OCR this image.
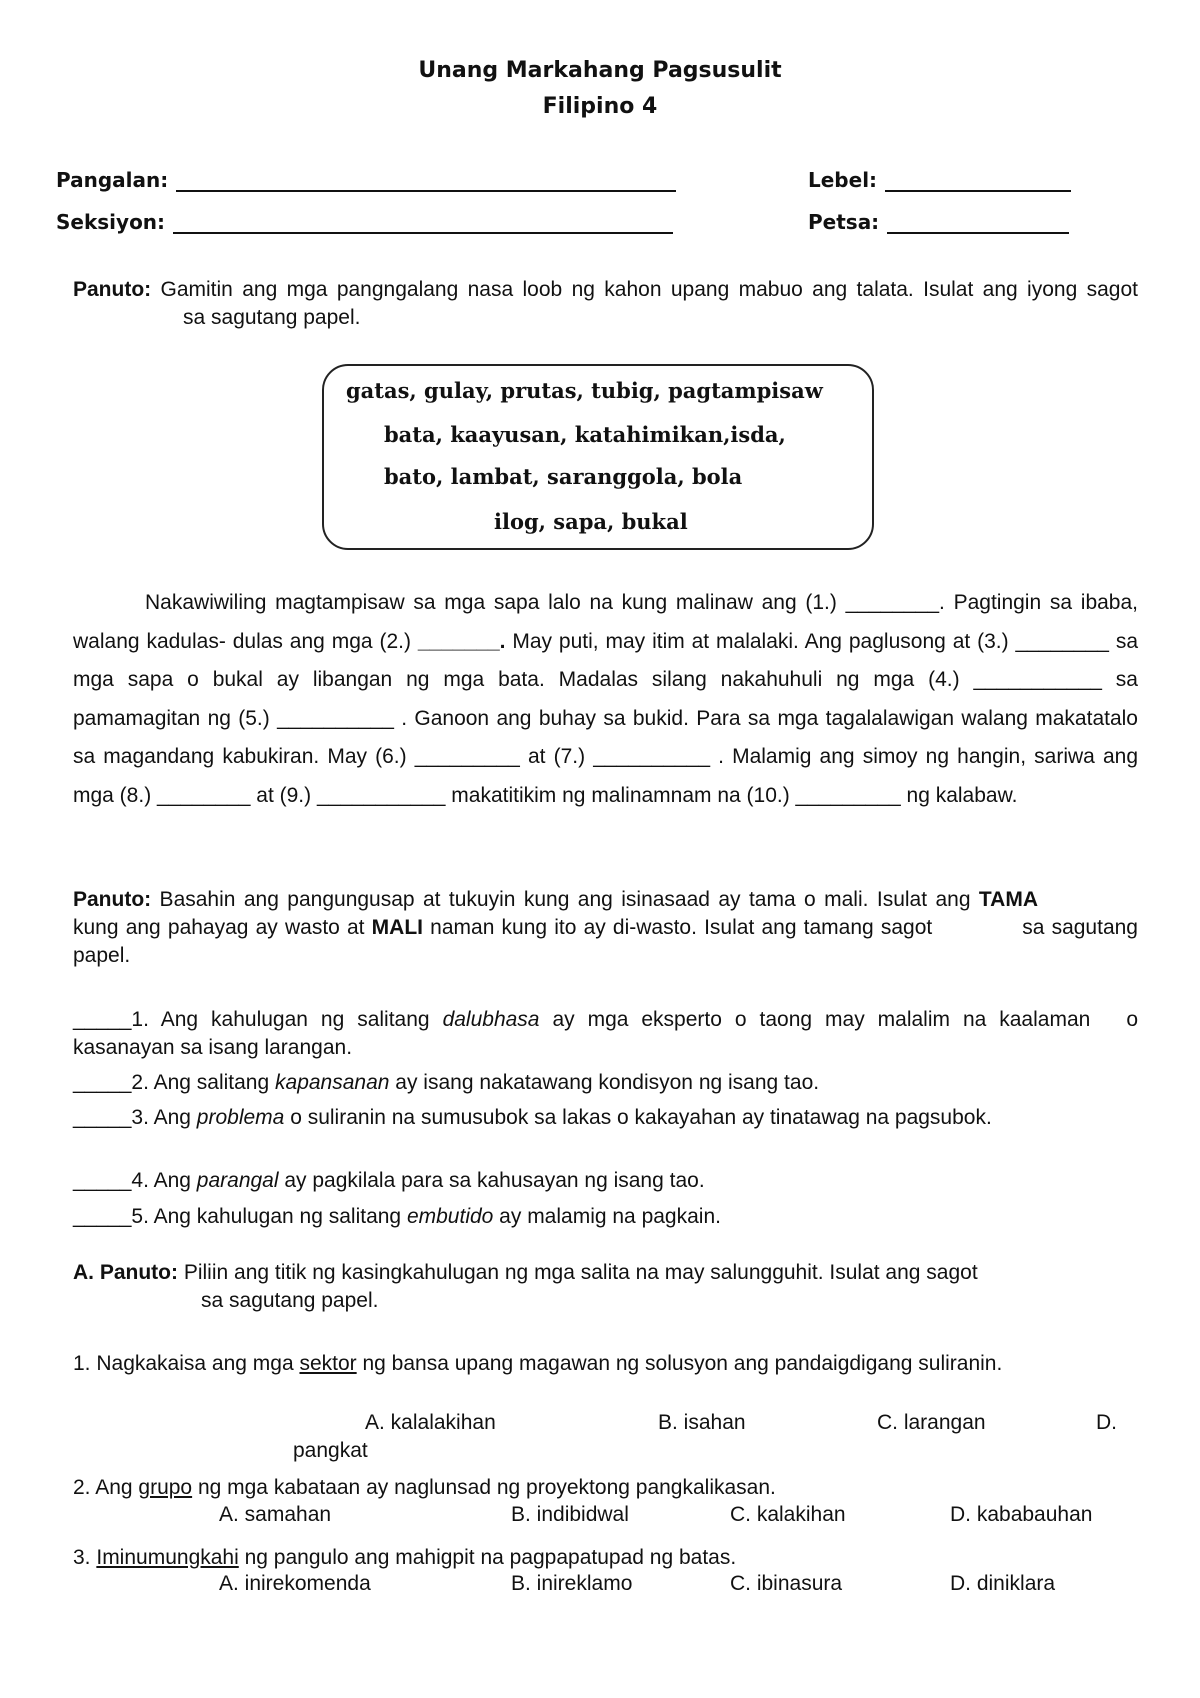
Unang Markahang Pagsusulit
Filipino 4
Pangalan:	Lebel:
Seksiyon:	Petsa:
Panuto: Gamitin ang mga pangngalang nasa loob ng kahon upang mabuo ang talata. Isulat ang iyong sagotsa sagutang papel.
gatas, gulay, prutas, tubig, pagtampisaw
bata, kaayusan, katahimikan,isda,
bato, lambat, saranggola, bola
ilog, sapa, bukal
Nakawiwiling magtampisaw sa mga sapa lalo na kung malinaw ang (1.) ________. Pagtingin sa ibaba, walang kadulas- dulas ang mga (2.) _______. May puti, may itim at malalaki. Ang paglusong at (3.) ________ sa mga sapa o bukal ay libangan ng mga bata. Madalas silang nakahuhuli ng mga (4.) ___________ sa pamamagitan ng (5.) __________ . Ganoon ang buhay sa bukid. Para sa mga tagalalawigan walang makatatalo sa magandang kabukiran. May (6.) _________ at (7.) __________ . Malamig ang simoy ng hangin, sariwa ang mga (8.) ________ at (9.) ___________ makatitikim ng malinamnam na (10.) _________ ng kalabaw.
Panuto: Basahin ang pangungusap at tukuyin kung ang isinasaad ay tama o mali. Isulat ang TAMA kung ang pahayag ay wasto at MALI naman kung ito ay di-wasto. Isulat ang tamang sagot	sa sagutang papel.
_____1. Ang kahulugan ng salitang dalubhasa ay mga eksperto o taong may malalim na kaalaman o kasanayan sa isang larangan.
_____2. Ang salitang kapansanan ay isang nakatawang kondisyon ng isang tao.
_____3. Ang problema o suliranin na sumusubok sa lakas o kakayahan ay tinatawag na pagsubok.
_____4. Ang parangal ay pagkilala para sa kahusayan ng isang tao.
_____5. Ang kahulugan ng salitang embutido ay malamig na pagkain.
A. Panuto: Piliin ang titik ng kasingkahulugan ng mga salita na may salungguhit. Isulat ang sagot
sa sagutang papel.
1. Nagkakaisa ang mga sektor ng bansa upang magawan ng solusyon ang pandaigdigang suliranin.
A. kalalakihan	B. isahan	C. larangan	D.
pangkat
2. Ang grupo ng mga kabataan ay naglunsad ng proyektong pangkalikasan.
A. samahan	B. indibidwal	C. kalakihan	D. kababauhan
3. Iminumungkahi ng pangulo ang mahigpit na pagpapatupad ng batas.
A. inirekomenda	B. inireklamo	C. ibinasura	D. diniklara
